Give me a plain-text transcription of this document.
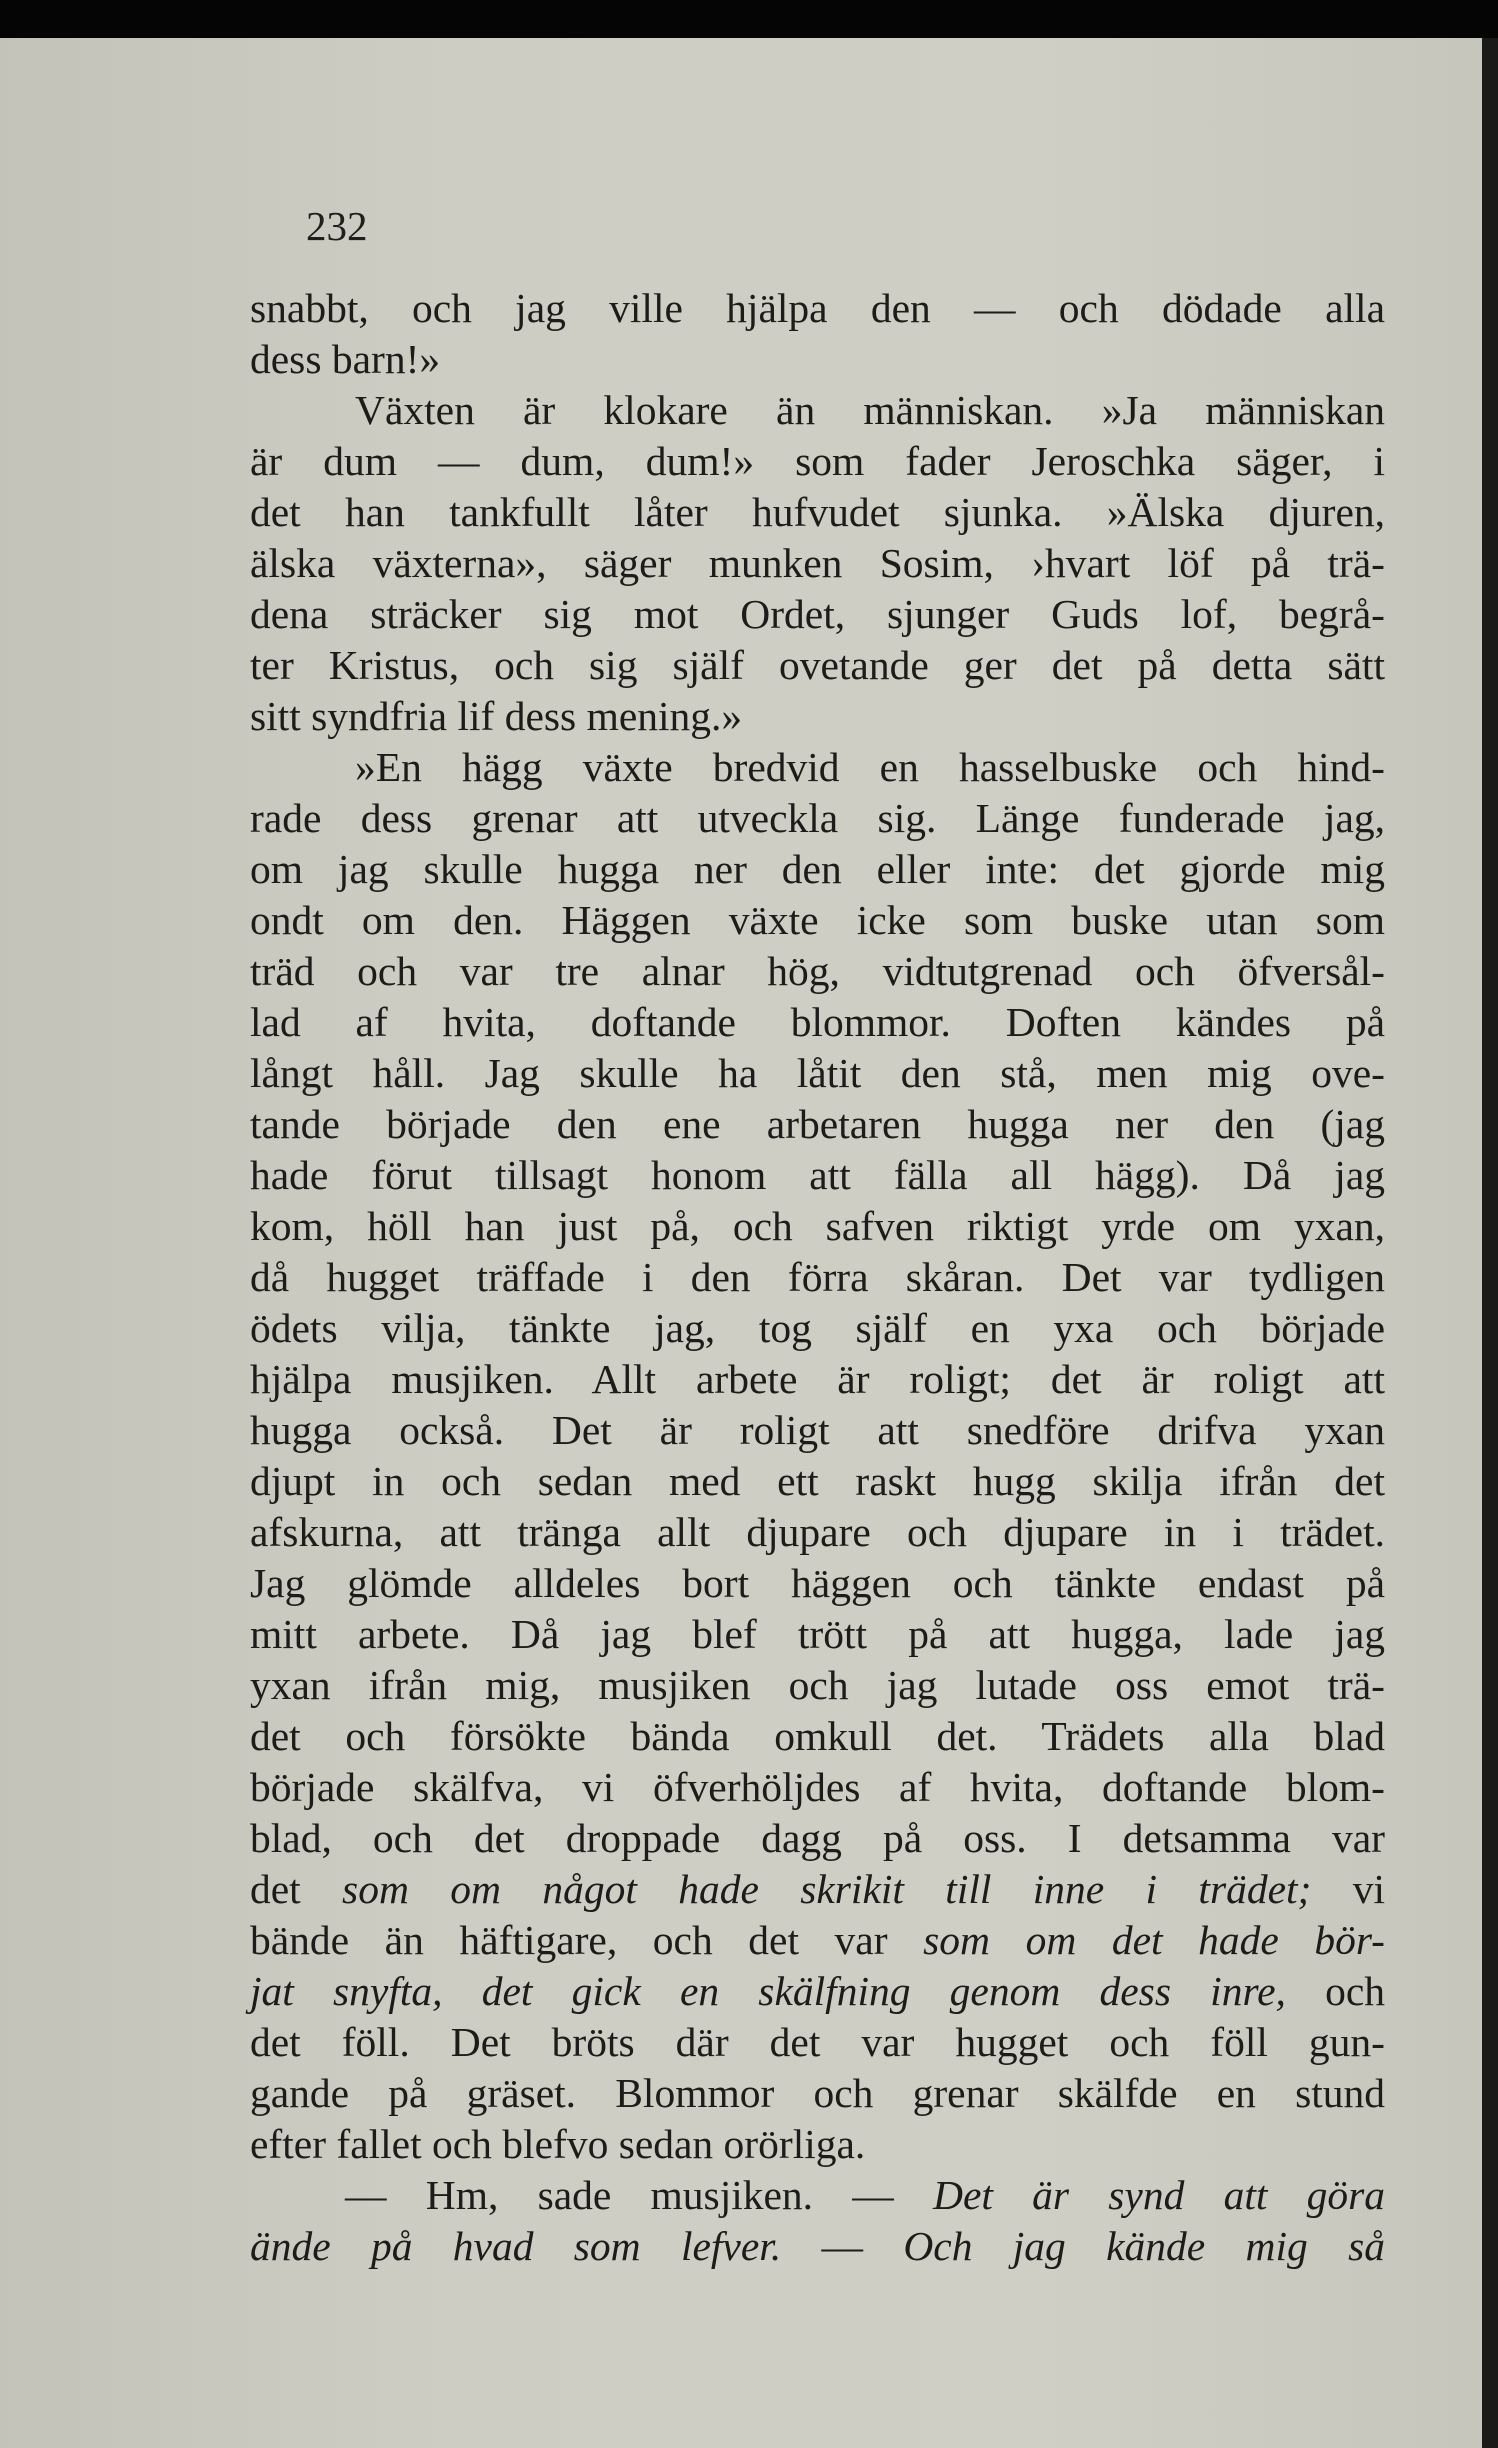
232

snabbt, och jag ville hjälpa den — och dödade alla
dess barn!»
Växten är klokare än människan. »Ja människan
är dum — dum, dum!» som fader Jeroschka säger, i
det han tankfullt låter hufvudet sjunka. »Älska djuren,
älska växterna», säger munken Sosim, ›hvart löf på trä-
dena sträcker sig mot Ordet, sjunger Guds lof, begrå-
ter Kristus, och sig själf ovetande ger det på detta sätt
sitt syndfria lif dess mening.»
»En hägg växte bredvid en hasselbuske och hind-
rade dess grenar att utveckla sig. Länge funderade jag,
om jag skulle hugga ner den eller inte: det gjorde mig
ondt om den. Häggen växte icke som buske utan som
träd och var tre alnar hög, vidtutgrenad och öfversål-
lad af hvita, doftande blommor. Doften kändes på
långt håll. Jag skulle ha låtit den stå, men mig ove-
tande började den ene arbetaren hugga ner den (jag
hade förut tillsagt honom att fälla all hägg). Då jag
kom, höll han just på, och safven riktigt yrde om yxan,
då hugget träffade i den förra skåran. Det var tydligen
ödets vilja, tänkte jag, tog själf en yxa och började
hjälpa musjiken. Allt arbete är roligt; det är roligt att
hugga också. Det är roligt att snedföre drifva yxan
djupt in och sedan med ett raskt hugg skilja ifrån det
afskurna, att tränga allt djupare och djupare in i trädet.
Jag glömde alldeles bort häggen och tänkte endast på
mitt arbete. Då jag blef trött på att hugga, lade jag
yxan ifrån mig, musjiken och jag lutade oss emot trä-
det och försökte bända omkull det. Trädets alla blad
började skälfva, vi öfverhöljdes af hvita, doftande blom-
blad, och det droppade dagg på oss. I detsamma var
det som om något hade skrikit till inne i trädet; vi
bände än häftigare, och det var som om det hade bör-
jat snyfta, det gick en skälfning genom dess inre, och
det föll. Det bröts där det var hugget och föll gun-
gande på gräset. Blommor och grenar skälfde en stund
efter fallet och blefvo sedan orörliga.
— Hm, sade musjiken. — Det är synd att göra
ände på hvad som lefver. — Och jag kände mig så
